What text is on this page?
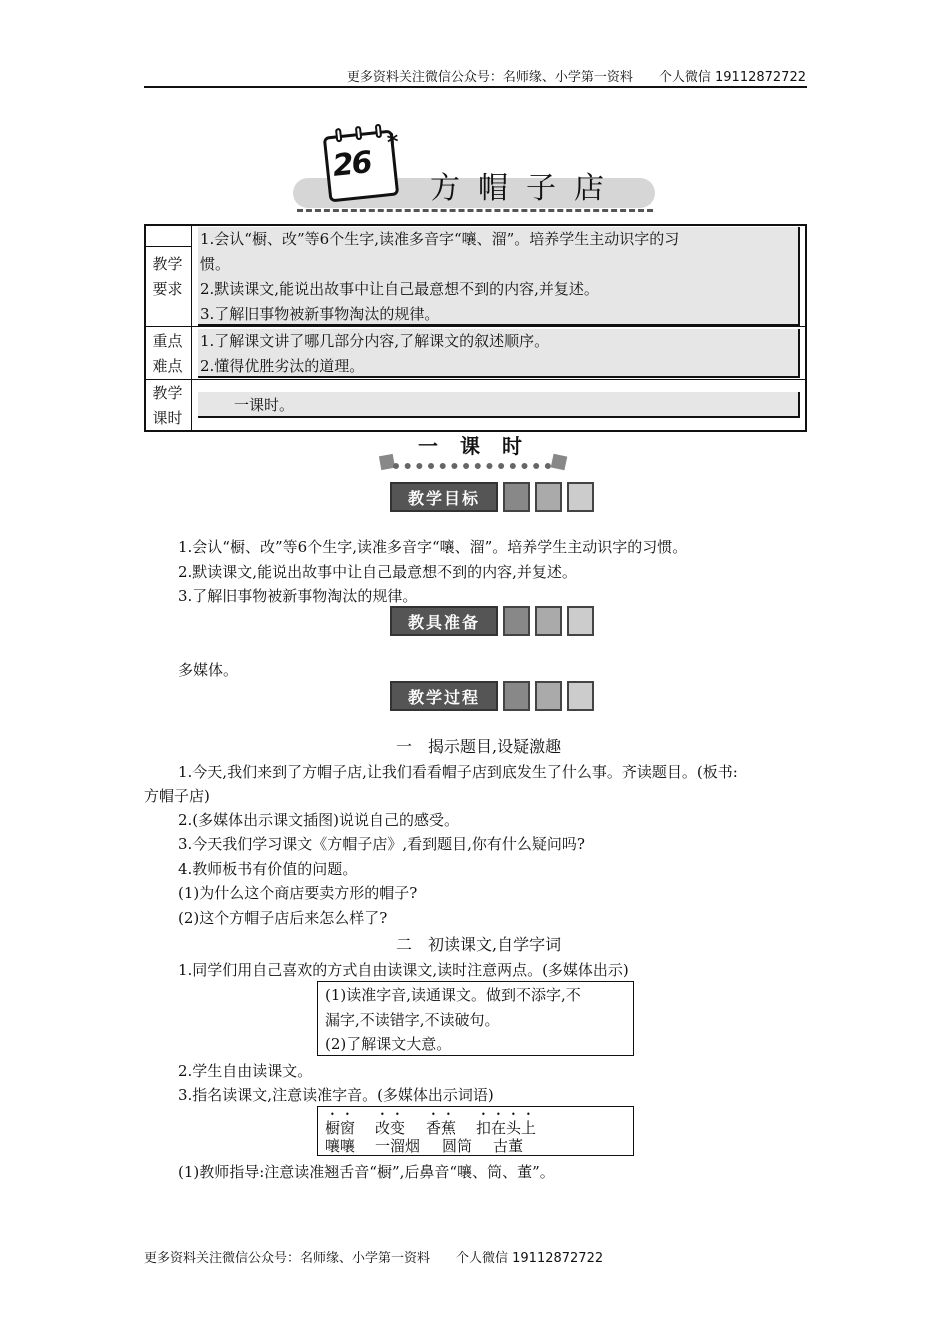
更多资料关注微信公众号：名师缘、小学第一资料　　个人微信 19112872722
26
*
方帽子店
教学
要求
重点
难点
教学
课时
1.会认“橱、改”等6个生字,读准多音字“嚷、溜”。培养学生主动识字的习
惯。
2.默读课文,能说出故事中让自己最意想不到的内容,并复述。
3.了解旧事物被新事物淘汰的规律。
1.了解课文讲了哪几部分内容,了解课文的叙述顺序。
2.懂得优胜劣汰的道理。
一课时。
一课时
教学目标
1.会认“橱、改”等6个生字,读准多音字“嚷、溜”。培养学生主动识字的习惯。
2.默读课文,能说出故事中让自己最意想不到的内容,并复述。
3.了解旧事物被新事物淘汰的规律。
教具准备
多媒体。
教学过程
一　揭示题目,设疑激趣
1.今天,我们来到了方帽子店,让我们看看帽子店到底发生了什么事。齐读题目。(板书:
方帽子店)
2.(多媒体出示课文插图)说说自己的感受。
3.今天我们学习课文《方帽子店》,看到题目,你有什么疑问吗?
4.教师板书有价值的问题。
(1)为什么这个商店要卖方形的帽子?
(2)这个方帽子店后来怎么样了?
二　初读课文,自学字词
1.同学们用自己喜欢的方式自由读课文,读时注意两点。(多媒体出示)
(1)读准字音,读通课文。做到不添字,不
漏字,不读错字,不读破句。
(2)了解课文大意。
2.学生自由读课文。
3.指名读课文,注意读准字音。(多媒体出示词语)
橱窗 改变 香蕉 扣在头上
嚷嚷 一溜烟 圆筒 古董
(1)教师指导:注意读准翘舌音“橱”,后鼻音“嚷、筒、董”。
更多资料关注微信公众号：名师缘、小学第一资料　　个人微信 19112872722
